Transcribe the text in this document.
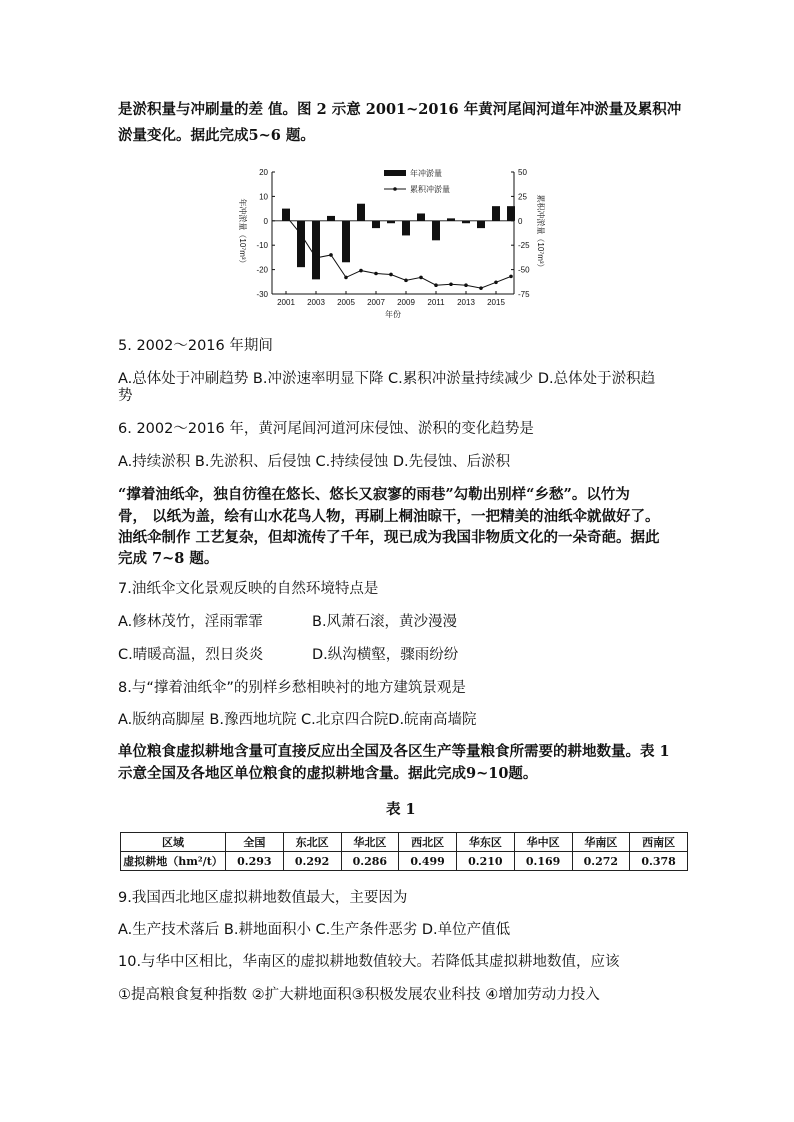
是淤积量与冲刷量的差 值。图 2 示意 2001~2016 年黄河尾闾河道年冲淤量及累积冲
淤量变化。据此完成5~6 题。
20
10
0
-10
-20
-30
50
25
0
-25
-50
-75
2001 2003 2005 2007 2009 2011 2013 2015
年份
年冲淤量（10⁷m³）	累积冲淤量（10⁷m³）
年冲淤量
累积冲淤量
5. 2002～2016 年期间
A.总体处于冲刷趋势 B.冲淤速率明显下降 C.累积冲淤量持续减少 D.总体处于淤积趋
势
6. 2002～2016 年，黄河尾闾河道河床侵蚀、淤积的变化趋势是
A.持续淤积 B.先淤积、后侵蚀 C.持续侵蚀 D.先侵蚀、后淤积
“撑着油纸伞，独自彷徨在悠长、悠长又寂寥的雨巷”勾勒出别样“乡愁”。以竹为
骨， 以纸为盖，绘有山水花鸟人物，再刷上桐油晾干，一把精美的油纸伞就做好了。
油纸伞制作 工艺复杂，但却流传了千年，现已成为我国非物质文化的一朵奇葩。据此
完成 7~8 题。
7.油纸伞文化景观反映的自然环境特点是
A.修林茂竹，淫雨霏霏	B.风萧石滚，黄沙漫漫
C.晴暖高温，烈日炎炎	D.纵沟横壑，骤雨纷纷
8.与“撑着油纸伞”的别样乡愁相映衬的地方建筑景观是
A.版纳高脚屋 B.豫西地坑院 C.北京四合院D.皖南高墙院
单位粮食虚拟耕地含量可直接反应出全国及各区生产等量粮食所需要的耕地数量。表 1
示意全国及各地区单位粮食的虚拟耕地含量。据此完成9~10题。
表 1
区域	全国	东北区	华北区	西北区	华东区	华中区	华南区	西南区
虚拟耕地（hm²/t）	0.293	0.292	0.286	0.499	0.210	0.169	0.272	0.378
9.我国西北地区虚拟耕地数值最大，主要因为
A.生产技术落后 B.耕地面积小 C.生产条件恶劣 D.单位产值低
10.与华中区相比，华南区的虚拟耕地数值较大。若降低其虚拟耕地数值，应该
①提高粮食复种指数 ②扩大耕地面积③积极发展农业科技 ④增加劳动力投入
